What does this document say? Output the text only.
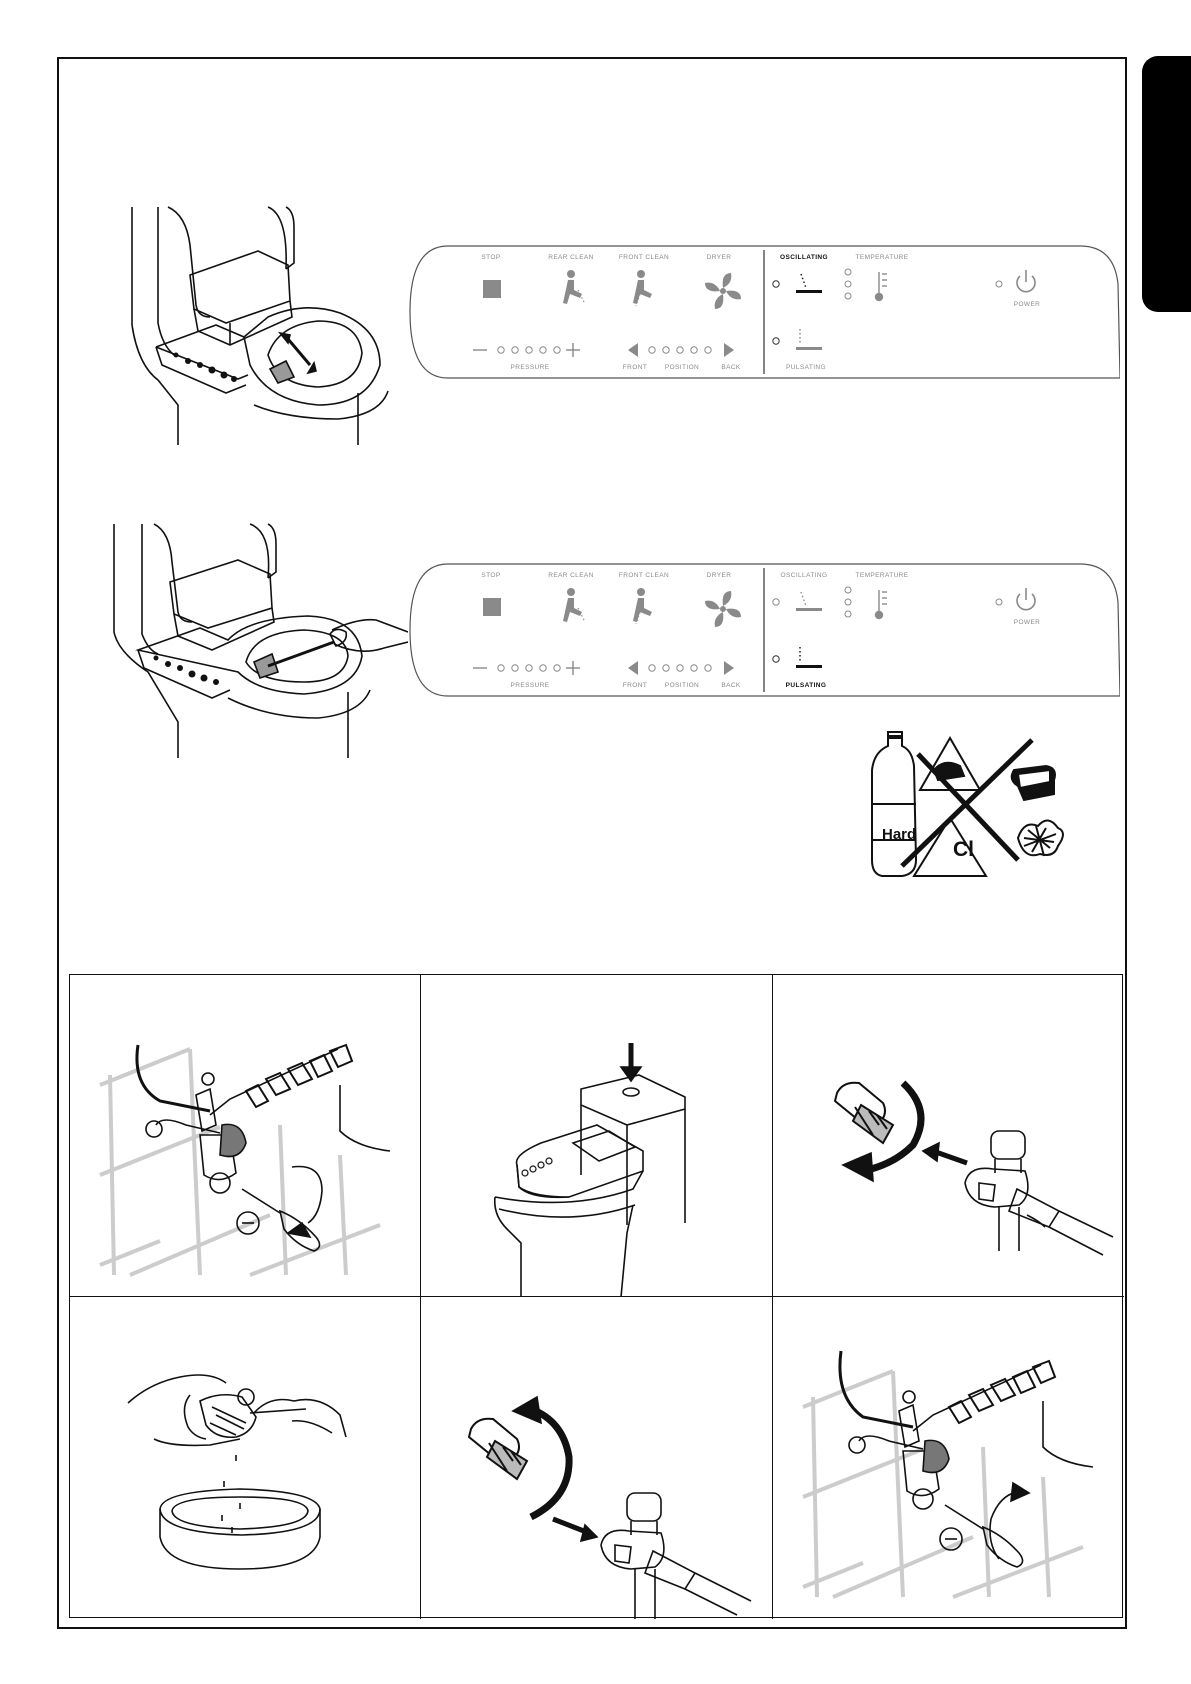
STOP	REAR CLEAN	FRONT CLEAN	DRYER	OSCILLATING	TEMPERATURE
POWER
PRESSURE	FRONT	POSITION	BACK	PULSATING
STOP	REAR CLEAN	FRONT CLEAN	DRYER	OSCILLATING	TEMPERATURE
POWER
PRESSURE	FRONT	POSITION	BACK	PULSATING
Hard
Cl
